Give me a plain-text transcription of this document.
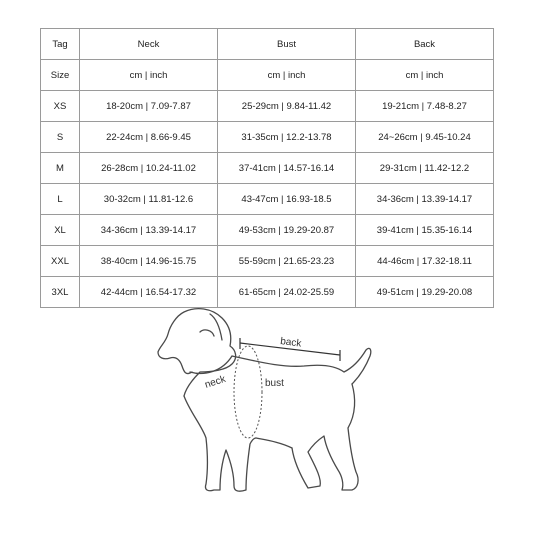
Tag	Neck	Bust	Back
Size	cm | inch	cm | inch	cm | inch
XS	18-20cm | 7.09-7.87	25-29cm | 9.84-11.42	19-21cm | 7.48-8.27
S	22-24cm | 8.66-9.45	31-35cm | 12.2-13.78	24~26cm | 9.45-10.24
M	26-28cm | 10.24-11.02	37-41cm | 14.57-16.14	29-31cm | 11.42-12.2
L	30-32cm | 11.81-12.6	43-47cm | 16.93-18.5	34-36cm | 13.39-14.17
XL	34-36cm | 13.39-14.17	49-53cm | 19.29-20.87	39-41cm | 15.35-16.14
XXL	38-40cm | 14.96-15.75	55-59cm | 21.65-23.23	44-46cm | 17.32-18.11
3XL	42-44cm | 16.54-17.32	61-65cm | 24.02-25.59	49-51cm | 19.29-20.08
back
neck	bust
